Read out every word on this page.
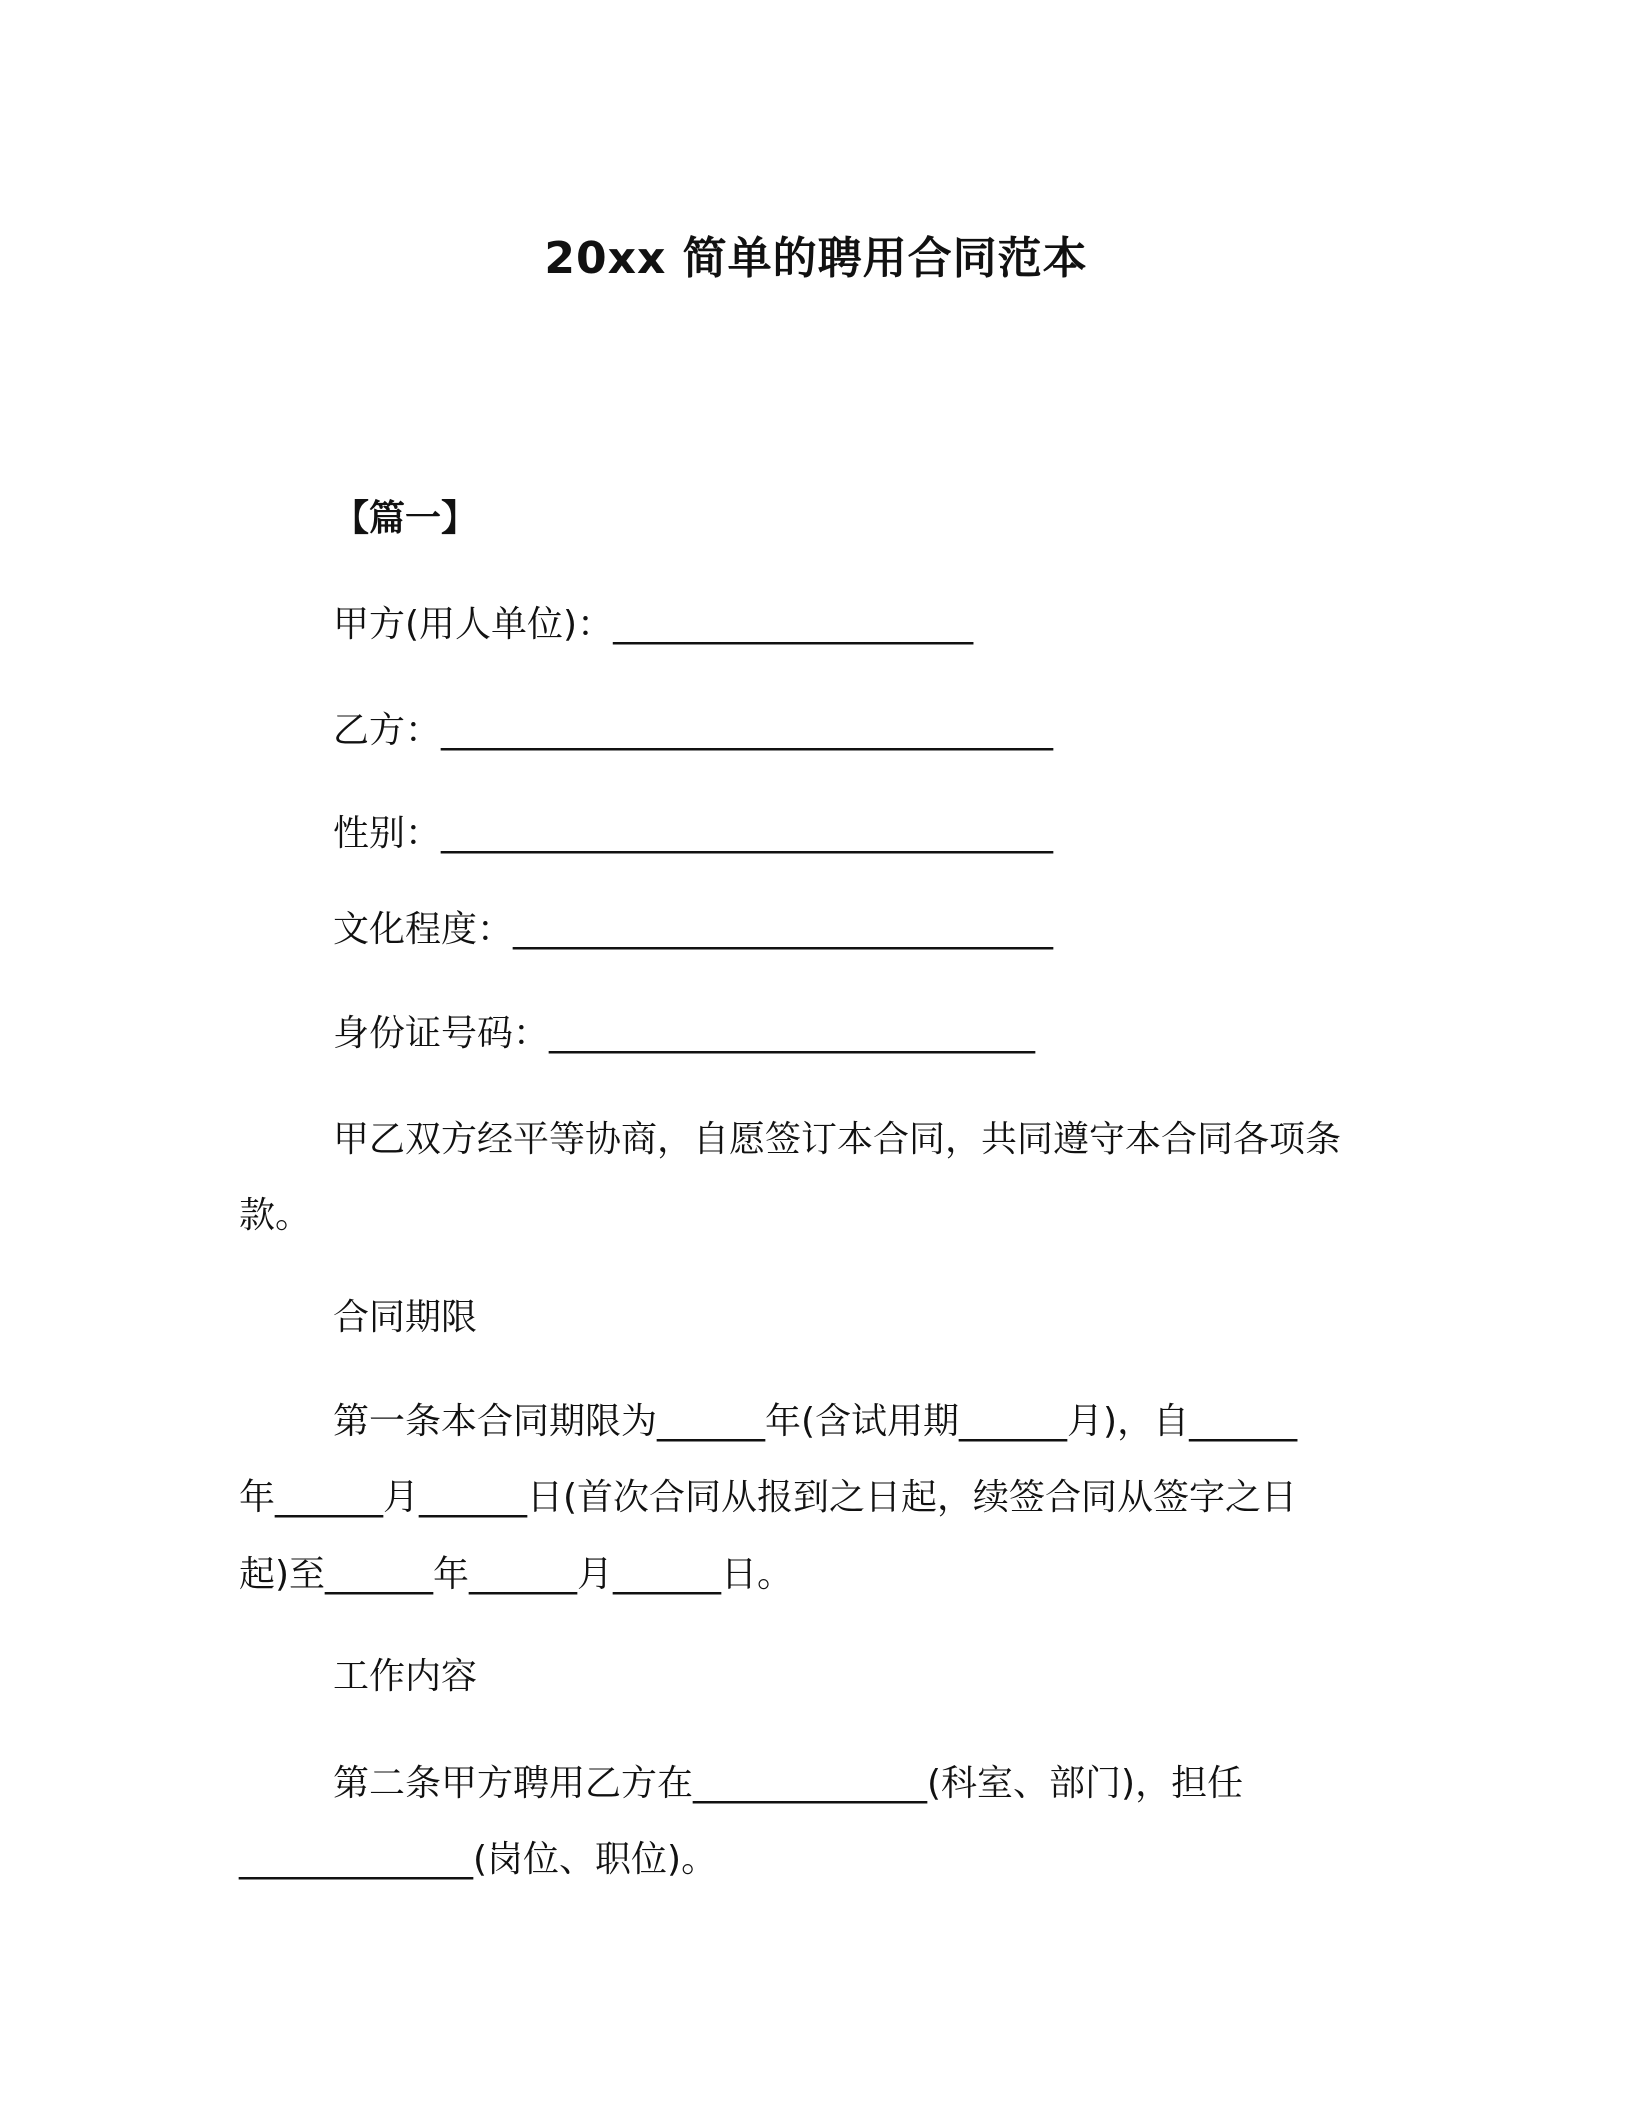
20xx 简单的聘用合同范本
【篇一】
甲方(用人单位)：____________________
乙方：__________________________________
性别：__________________________________
文化程度：______________________________
身份证号码：___________________________
甲乙双方经平等协商，自愿签订本合同，共同遵守本合同各项条
款。
合同期限
第一条本合同期限为______年(含试用期______月)，自______
年______月______日(首次合同从报到之日起，续签合同从签字之日
起)至______年______月______日。
工作内容
第二条甲方聘用乙方在_____________(科室、部门)，担任
_____________(岗位、职位)。
